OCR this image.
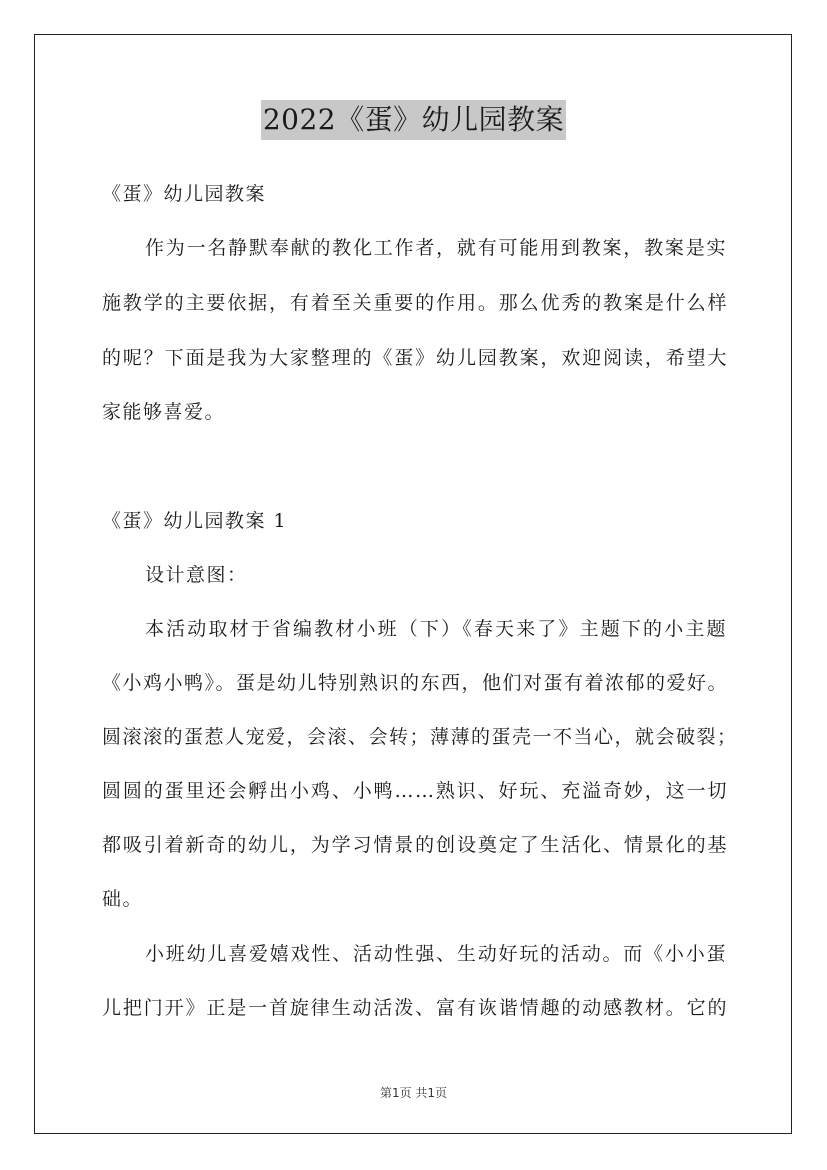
2022《蛋》幼儿园教案
《蛋》幼儿园教案
作为一名静默奉献的教化工作者，就有可能用到教案，教案是实
施教学的主要依据，有着至关重要的作用。那么优秀的教案是什么样
的呢？下面是我为大家整理的《蛋》幼儿园教案，欢迎阅读，希望大
家能够喜爱。
《蛋》幼儿园教案 1
设计意图：
本活动取材于省编教材小班（下）《春天来了》主题下的小主题
《小鸡小鸭》。蛋是幼儿特别熟识的东西，他们对蛋有着浓郁的爱好。
圆滚滚的蛋惹人宠爱，会滚、会转；薄薄的蛋壳一不当心，就会破裂；
圆圆的蛋里还会孵出小鸡、小鸭……熟识、好玩、充溢奇妙，这一切
都吸引着新奇的幼儿，为学习情景的创设奠定了生活化、情景化的基
础。
小班幼儿喜爱嬉戏性、活动性强、生动好玩的活动。而《小小蛋
儿把门开》正是一首旋律生动活泼、富有诙谐情趣的动感教材。它的
第1页 共1页
